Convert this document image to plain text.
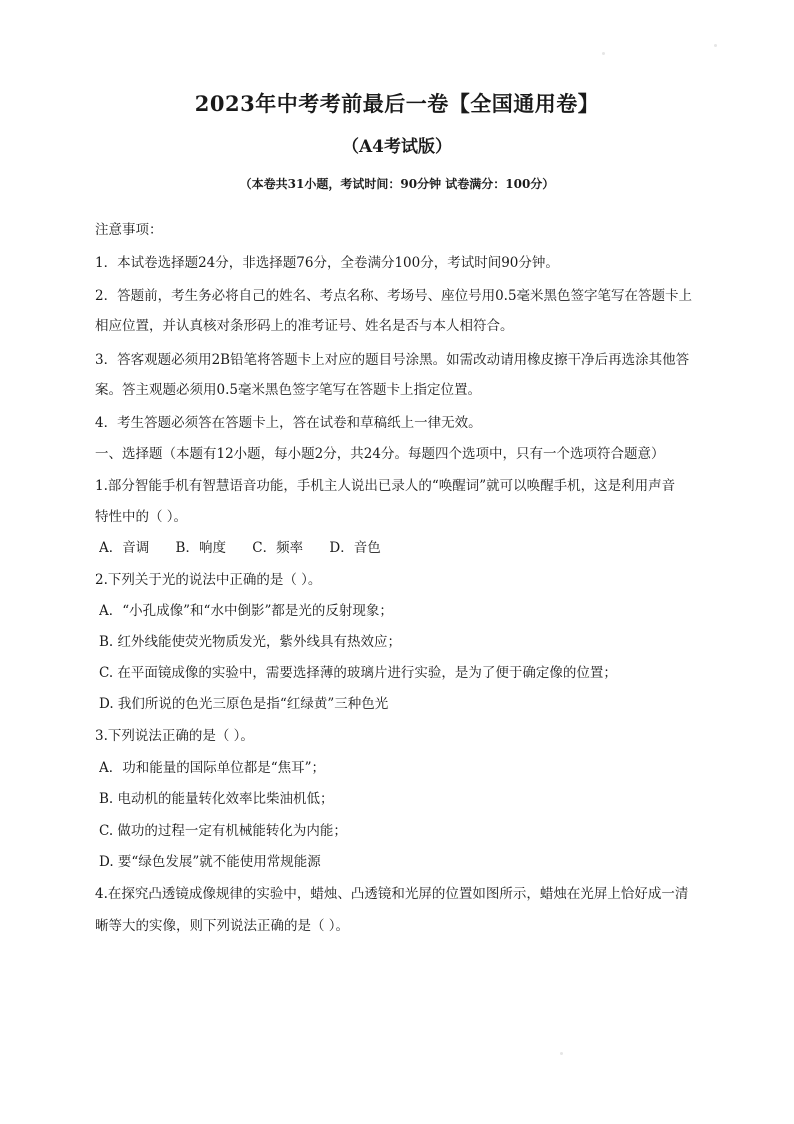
2023年中考考前最后一卷【全国通用卷】
（A4考试版）
（本卷共31小题，考试时间：90分钟 试卷满分：100分）
注意事项：
1．本试卷选择题24分，非选择题76分，全卷满分100分，考试时间90分钟。
2．答题前，考生务必将自己的姓名、考点名称、考场号、座位号用0.5毫米黑色签字笔写在答题卡上
相应位置，并认真核对条形码上的准考证号、姓名是否与本人相符合。
3．答客观题必须用2B铅笔将答题卡上对应的题目号涂黑。如需改动请用橡皮擦干净后再选涂其他答
案。答主观题必须用0.5毫米黑色签字笔写在答题卡上指定位置。
4．考生答题必须答在答题卡上，答在试卷和草稿纸上一律无效。
一、选择题（本题有12小题，每小题2分，共24分。每题四个选项中，只有一个选项符合题意）
1.部分智能手机有智慧语音功能，手机主人说出已录人的“唤醒词”就可以唤醒手机，这是利用声音
特性中的（ ）。
A．音调 B．响度 C．频率 D．音色
2.下列关于光的说法中正确的是（ ）。
A．“小孔成像”和“水中倒影”都是光的反射现象；
B. 红外线能使荧光物质发光，紫外线具有热效应；
C. 在平面镜成像的实验中，需要选择薄的玻璃片进行实验，是为了便于确定像的位置；
D. 我们所说的色光三原色是指“红绿黄”三种色光
3.下列说法正确的是（ ）。
A．功和能量的国际单位都是“焦耳”；
B. 电动机的能量转化效率比柴油机低；
C. 做功的过程一定有机械能转化为内能；
D. 要“绿色发展”就不能使用常规能源
4.在探究凸透镜成像规律的实验中，蜡烛、凸透镜和光屏的位置如图所示，蜡烛在光屏上恰好成一清
晰等大的实像，则下列说法正确的是（ ）。
